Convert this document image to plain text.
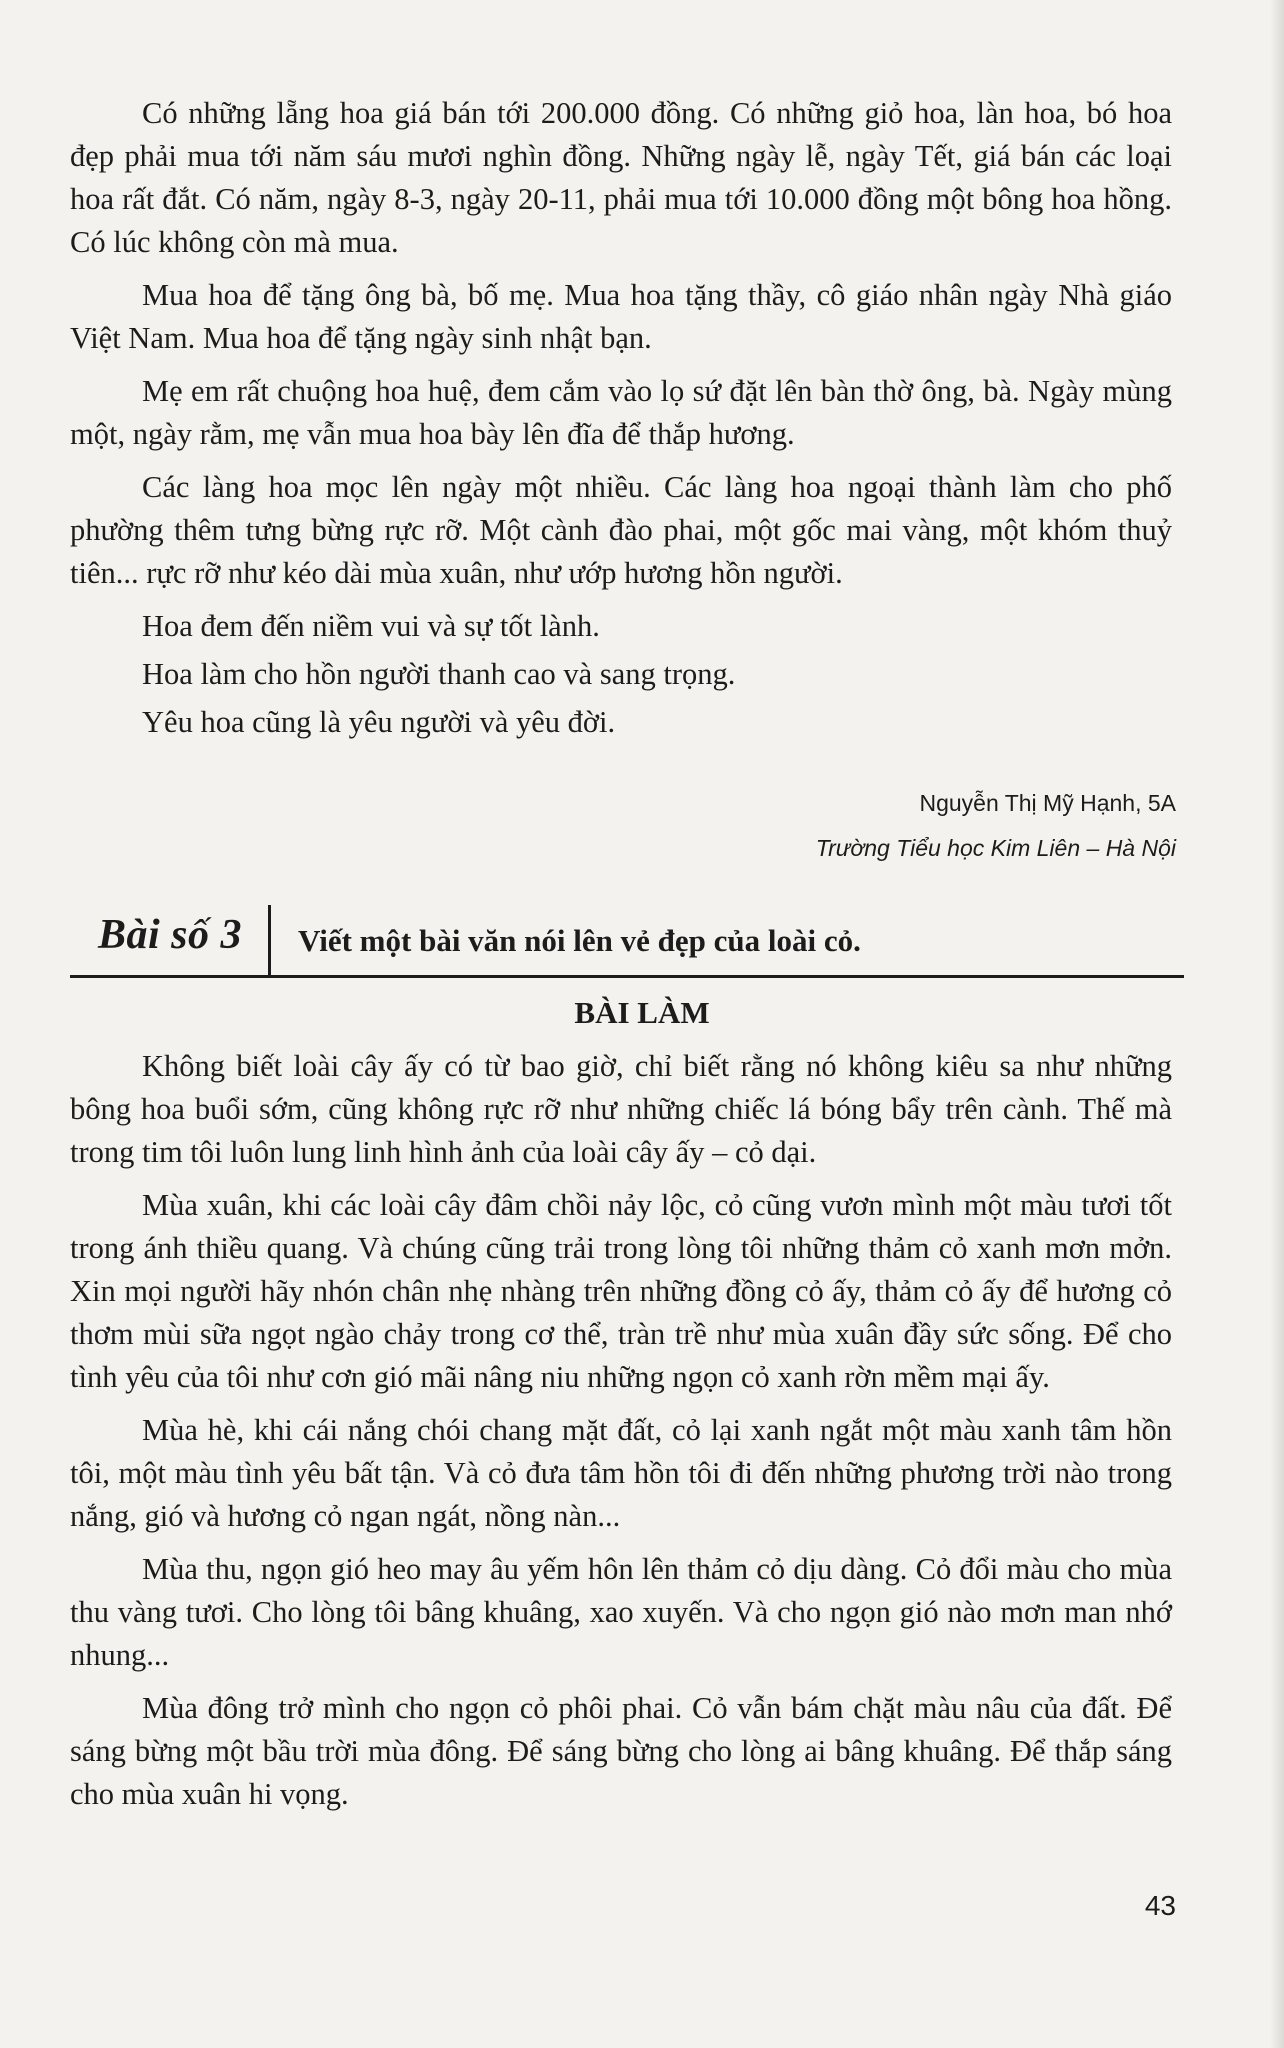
Có những lẵng hoa giá bán tới 200.000 đồng. Có những giỏ hoa, làn hoa, bó hoa đẹp phải mua tới năm sáu mươi nghìn đồng. Những ngày lễ, ngày Tết, giá bán các loại hoa rất đắt. Có năm, ngày 8-3, ngày 20-11, phải mua tới 10.000 đồng một bông hoa hồng. Có lúc không còn mà mua.

Mua hoa để tặng ông bà, bố mẹ. Mua hoa tặng thầy, cô giáo nhân ngày Nhà giáo Việt Nam. Mua hoa để tặng ngày sinh nhật bạn.

Mẹ em rất chuộng hoa huệ, đem cắm vào lọ sứ đặt lên bàn thờ ông, bà. Ngày mùng một, ngày rằm, mẹ vẫn mua hoa bày lên đĩa để thắp hương.

Các làng hoa mọc lên ngày một nhiều. Các làng hoa ngoại thành làm cho phố phường thêm tưng bừng rực rỡ. Một cành đào phai, một gốc mai vàng, một khóm thuỷ tiên... rực rỡ như kéo dài mùa xuân, như ướp hương hồn người.

Hoa đem đến niềm vui và sự tốt lành.

Hoa làm cho hồn người thanh cao và sang trọng.

Yêu hoa cũng là yêu người và yêu đời.

Nguyễn Thị Mỹ Hạnh, 5A
Trường Tiểu học Kim Liên – Hà Nội
Bài số 3 Viết một bài văn nói lên vẻ đẹp của loài cỏ.
BÀI LÀM

Không biết loài cây ấy có từ bao giờ, chỉ biết rằng nó không kiêu sa như những bông hoa buổi sớm, cũng không rực rỡ như những chiếc lá bóng bẩy trên cành. Thế mà trong tim tôi luôn lung linh hình ảnh của loài cây ấy – cỏ dại.

Mùa xuân, khi các loài cây đâm chồi nảy lộc, cỏ cũng vươn mình một màu tươi tốt trong ánh thiều quang. Và chúng cũng trải trong lòng tôi những thảm cỏ xanh mơn mởn. Xin mọi người hãy nhón chân nhẹ nhàng trên những đồng cỏ ấy, thảm cỏ ấy để hương cỏ thơm mùi sữa ngọt ngào chảy trong cơ thể, tràn trề như mùa xuân đầy sức sống. Để cho tình yêu của tôi như cơn gió mãi nâng niu những ngọn cỏ xanh rờn mềm mại ấy.

Mùa hè, khi cái nắng chói chang mặt đất, cỏ lại xanh ngắt một màu xanh tâm hồn tôi, một màu tình yêu bất tận. Và cỏ đưa tâm hồn tôi đi đến những phương trời nào trong nắng, gió và hương cỏ ngan ngát, nồng nàn...

Mùa thu, ngọn gió heo may âu yếm hôn lên thảm cỏ dịu dàng. Cỏ đổi màu cho mùa thu vàng tươi. Cho lòng tôi bâng khuâng, xao xuyến. Và cho ngọn gió nào mơn man nhớ nhung...

Mùa đông trở mình cho ngọn cỏ phôi phai. Cỏ vẫn bám chặt màu nâu của đất. Để sáng bừng một bầu trời mùa đông. Để sáng bừng cho lòng ai bâng khuâng. Để thắp sáng cho mùa xuân hi vọng.

43
